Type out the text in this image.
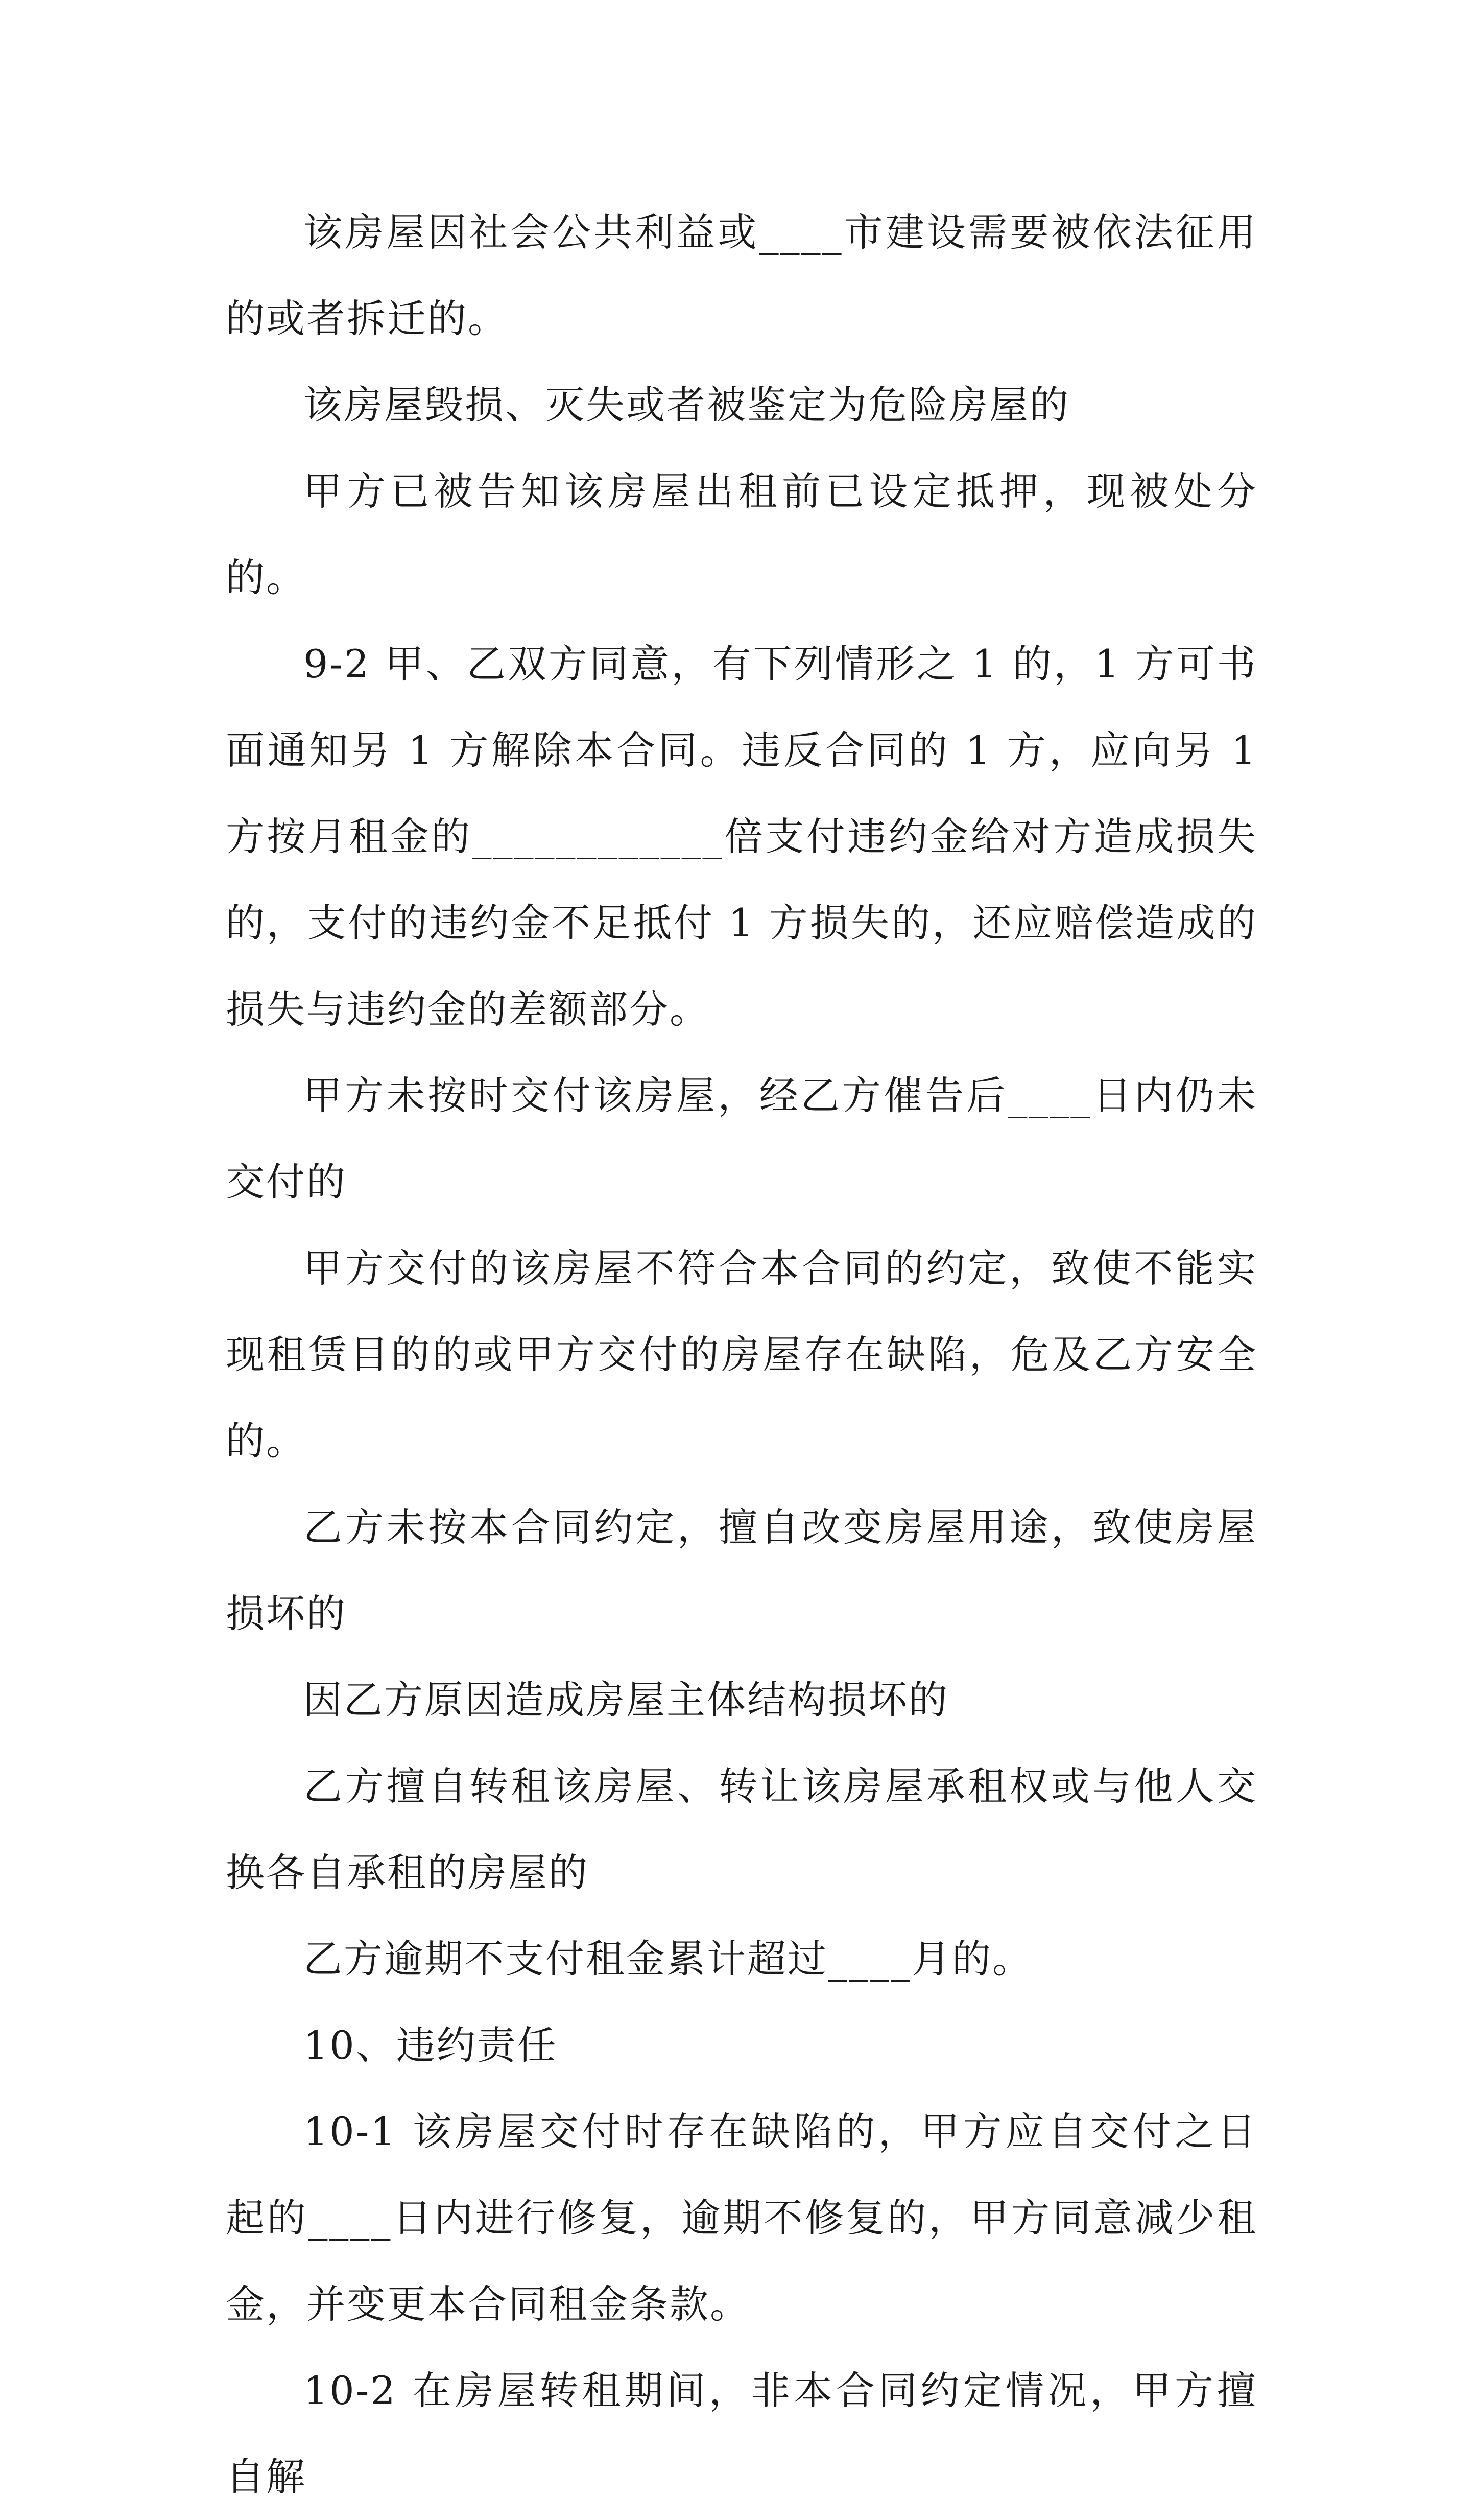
该房屋因社会公共利益或____市建设需要被依法征用的或者拆迁的。

该房屋毁损、灭失或者被鉴定为危险房屋的

甲方已被告知该房屋出租前已设定抵押，现被处分的。

9-2 甲、乙双方同意，有下列情形之 1 的，1 方可书面通知另 1 方解除本合同。违反合同的 1 方，应向另 1 方按月租金的____________倍支付违约金给对方造成损失的，支付的违约金不足抵付 1 方损失的，还应赔偿造成的损失与违约金的差额部分。

甲方未按时交付该房屋，经乙方催告后____日内仍未交付的

甲方交付的该房屋不符合本合同的约定，致使不能实现租赁目的的或甲方交付的房屋存在缺陷，危及乙方安全的。

乙方未按本合同约定，擅自改变房屋用途，致使房屋损坏的

因乙方原因造成房屋主体结构损坏的

乙方擅自转租该房屋、转让该房屋承租权或与他人交换各自承租的房屋的

乙方逾期不支付租金累计超过____月的。

10、违约责任

10-1 该房屋交付时存在缺陷的，甲方应自交付之日起的____日内进行修复，逾期不修复的，甲方同意减少租金，并变更本合同租金条款。

10-2 在房屋转租期间，非本合同约定情况，甲方擅自解
